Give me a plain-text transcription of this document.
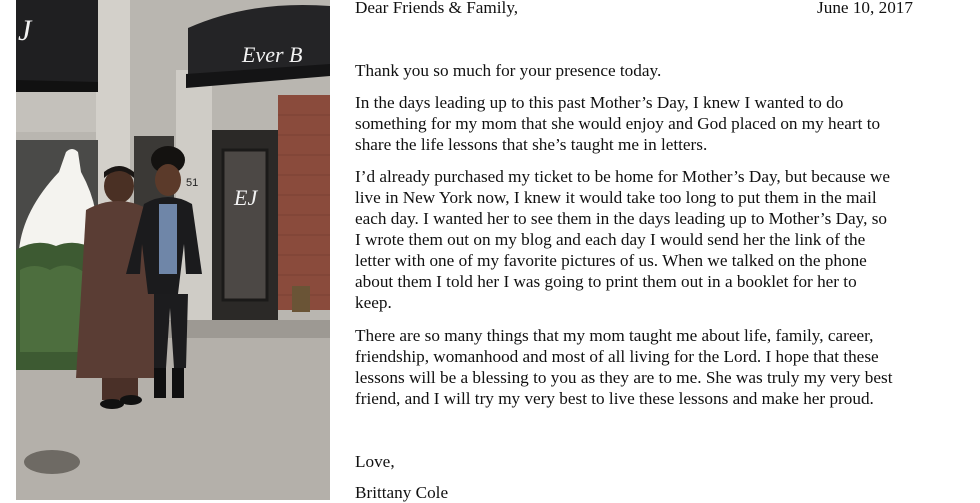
EJ
51
J
Ever B
Dear Friends & Family,	June 10, 2017

Thank you so much for your presence today.

In the days leading up to this past Mother’s Day, I knew I wanted to do
something for my mom that she would enjoy and God placed on my heart to
share the life lessons that she’s taught me in letters.

I’d already purchased my ticket to be home for Mother’s Day, but because we
live in New York now, I knew it would take too long to put them in the mail
each day. I wanted her to see them in the days leading up to Mother’s Day, so
I wrote them out on my blog and each day I would send her the link of the
letter with one of my favorite pictures of us. When we talked on the phone
about them I told her I was going to print them out in a booklet for her to
keep.

There are so many things that my mom taught me about life, family, career,
friendship, womanhood and most of all living for the Lord. I hope that these
lessons will be a blessing to you as they are to me. She was truly my very best
friend, and I will try my very best to live these lessons and make her proud.

Love,
Brittany Cole
